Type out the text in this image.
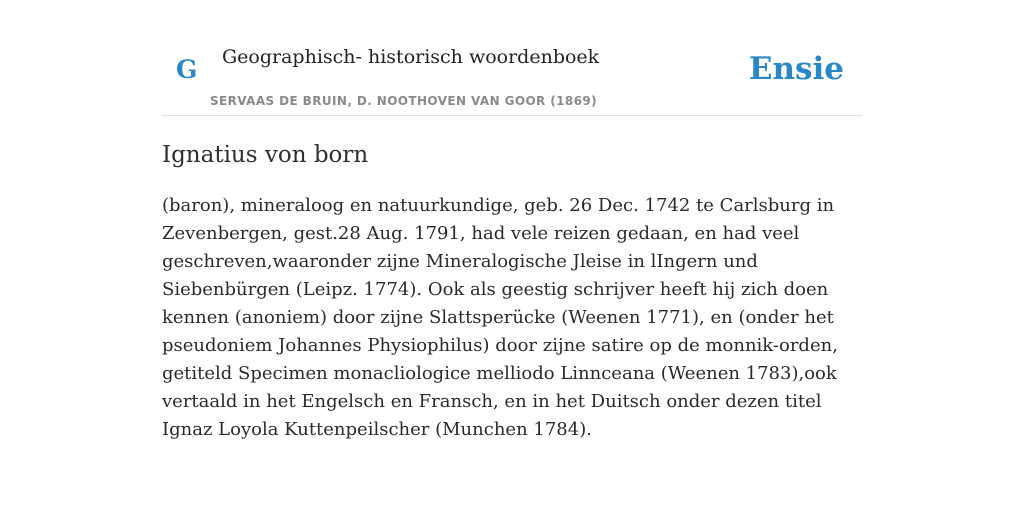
G Geographisch- historisch woordenboek
SERVAAS DE BRUIN, D. NOOTHOVEN VAN GOOR (1869)
Ensie
Ignatius von born

(baron), mineraloog en natuurkundige, geb. 26 Dec. 1742 te Carlsburg in Zevenbergen, gest.28 Aug. 1791, had vele reizen gedaan, en had veel geschreven,waaronder zijne Mineralogische Jleise in lIngern und Siebenbürgen (Leipz. 1774). Ook als geestig schrijver heeft hij zich doen kennen (anoniem) door zijne Slattsperücke (Weenen 1771), en (onder het pseudoniem Johannes Physiophilus) door zijne satire op de monnik-orden, getiteld Specimen monacliologice melliodo Linnceana (Weenen 1783),ook vertaald in het Engelsch en Fransch, en in het Duitsch onder dezen titel Ignaz Loyola Kuttenpeilscher (Munchen 1784).
